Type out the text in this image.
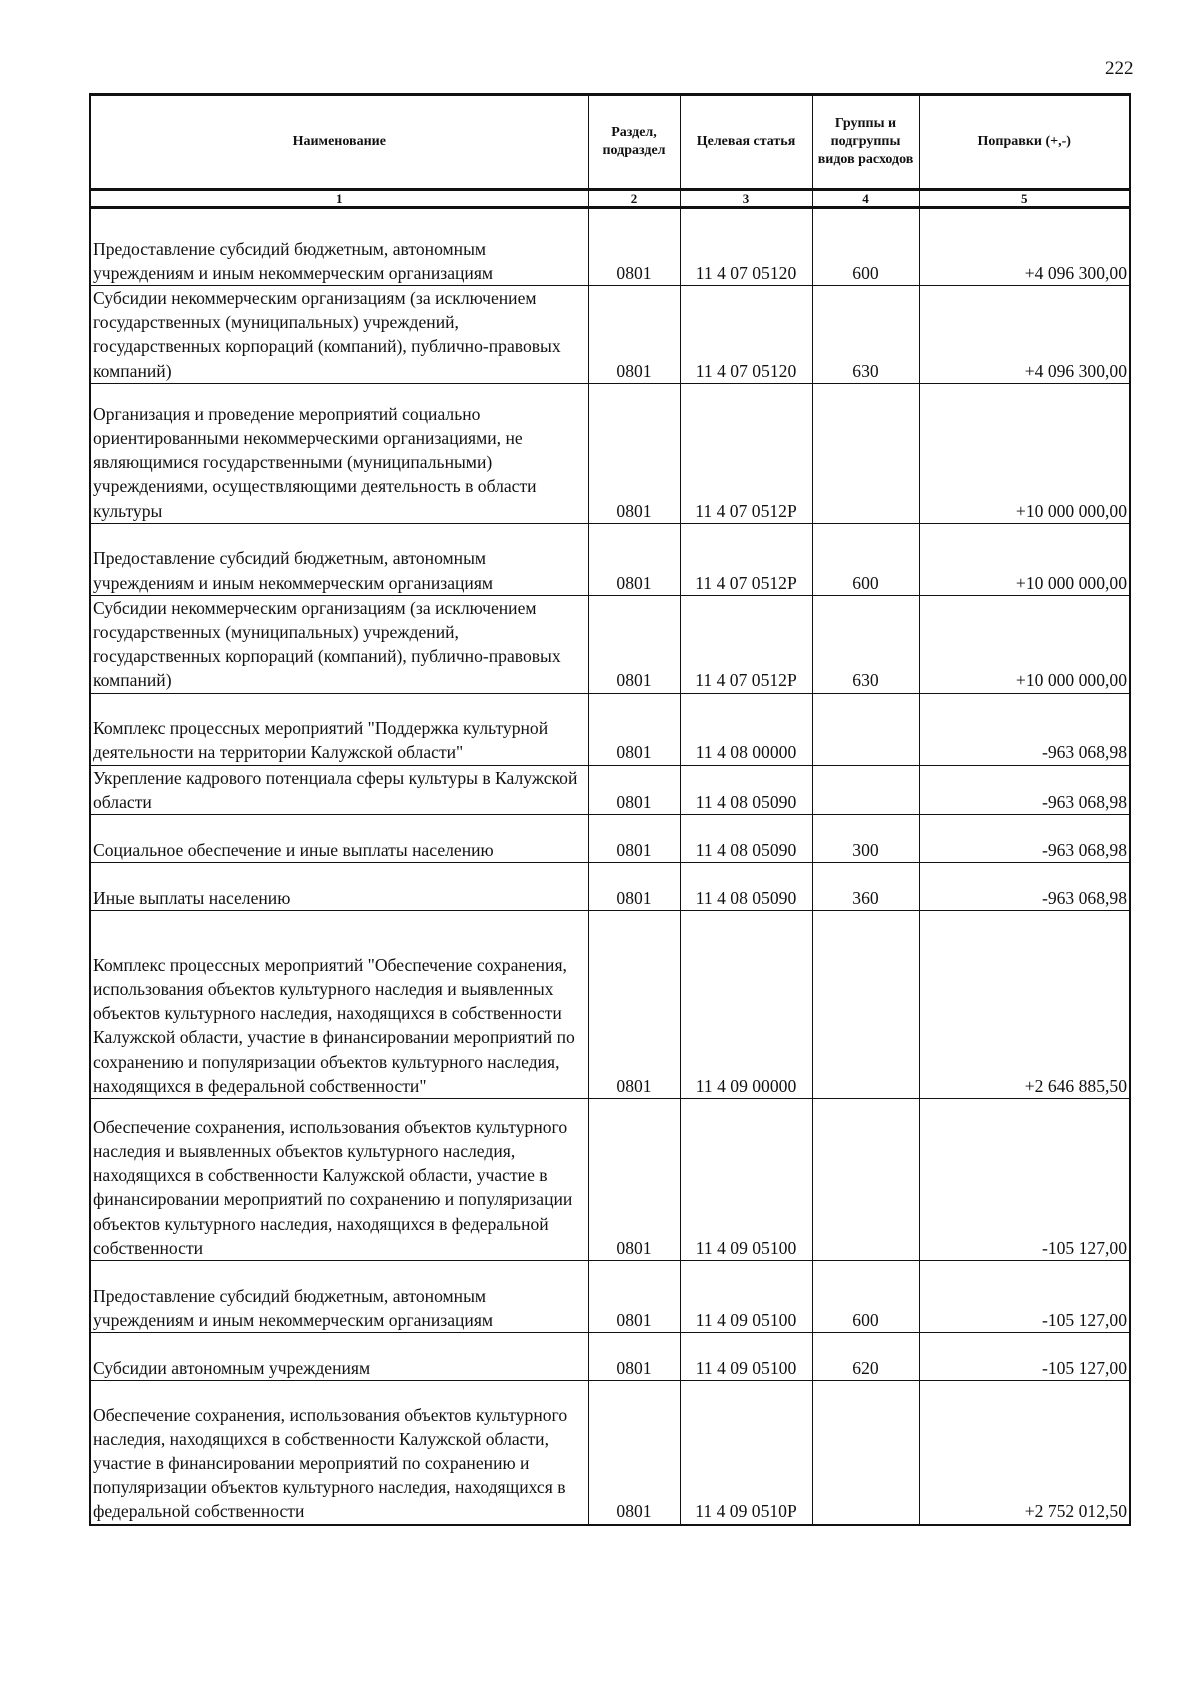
222
Наименование	Раздел, подраздел	Целевая статья	Группы и подгруппы видов расходов	Поправки (+,-)
1	2	3	4	5
Предоставление субсидий бюджетным, автономным учреждениям и иным некоммерческим организациям	0801	11 4 07 05120	600	+4 096 300,00
Субсидии некоммерческим организациям (за исключением государственных (муниципальных) учреждений, государственных корпораций (компаний), публично-правовых компаний)	0801	11 4 07 05120	630	+4 096 300,00
Организация и проведение мероприятий социально ориентированными некоммерческими организациями, не являющимися государственными (муниципальными) учреждениями, осуществляющими деятельность в области культуры	0801	11 4 07 0512P		+10 000 000,00
Предоставление субсидий бюджетным, автономным учреждениям и иным некоммерческим организациям	0801	11 4 07 0512P	600	+10 000 000,00
Субсидии некоммерческим организациям (за исключением государственных (муниципальных) учреждений, государственных корпораций (компаний), публично-правовых компаний)	0801	11 4 07 0512P	630	+10 000 000,00
Комплекс процессных мероприятий "Поддержка культурной деятельности на территории Калужской области"	0801	11 4 08 00000		-963 068,98
Укрепление кадрового потенциала сферы культуры в Калужской области	0801	11 4 08 05090		-963 068,98
Социальное обеспечение и иные выплаты населению	0801	11 4 08 05090	300	-963 068,98
Иные выплаты населению	0801	11 4 08 05090	360	-963 068,98
Комплекс процессных мероприятий "Обеспечение сохранения, использования объектов культурного наследия и выявленных объектов культурного наследия, находящихся в собственности Калужской области, участие в финансировании мероприятий по сохранению и популяризации объектов культурного наследия, находящихся в федеральной собственности"	0801	11 4 09 00000		+2 646 885,50
Обеспечение сохранения, использования объектов культурного наследия и выявленных объектов культурного наследия, находящихся в собственности Калужской области, участие в финансировании мероприятий по сохранению и популяризации объектов культурного наследия, находящихся в федеральной собственности	0801	11 4 09 05100		-105 127,00
Предоставление субсидий бюджетным, автономным учреждениям и иным некоммерческим организациям	0801	11 4 09 05100	600	-105 127,00
Субсидии автономным учреждениям	0801	11 4 09 05100	620	-105 127,00
Обеспечение сохранения, использования объектов культурного наследия, находящихся в собственности Калужской области, участие в финансировании мероприятий по сохранению и популяризации объектов культурного наследия, находящихся в федеральной собственности	0801	11 4 09 0510P		+2 752 012,50
